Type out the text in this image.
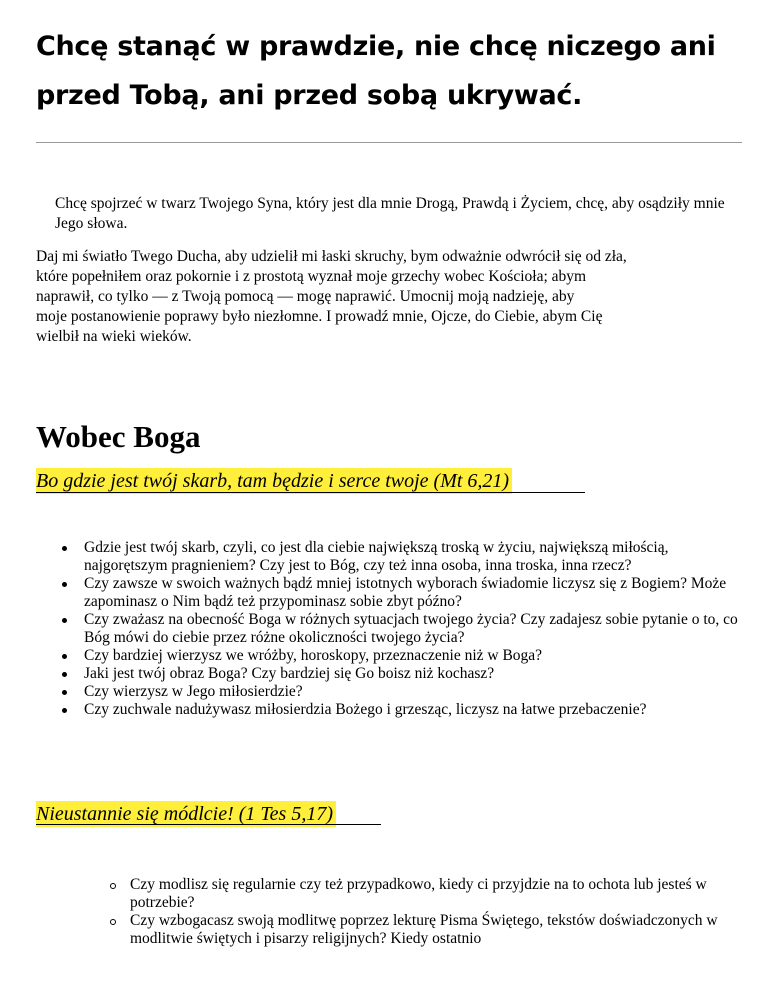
Chcę stanąć w prawdzie, nie chcę niczego ani
przed Tobą, ani przed sobą ukrywać.

Chcę spojrzeć w twarz Twojego Syna, który jest dla mnie Drogą, Prawdą i Życiem, chcę, aby osądziły mnie Jego słowa.

Daj mi światło Twego Ducha, aby udzielił mi łaski skruchy, bym odważnie odwrócił się od zła,
które popełniłem oraz pokornie i z prostotą wyznał moje grzechy wobec Kościoła; abym
naprawił, co tylko — z Twoją pomocą — mogę naprawić. Umocnij moją nadzieję, aby
moje postanowienie poprawy było niezłomne. I prowadź mnie, Ojcze, do Ciebie, abym Cię
wielbił na wieki wieków.

Wobec Boga

Bo gdzie jest twój skarb, tam będzie i serce twoje (Mt 6,21)

Gdzie jest twój skarb, czyli, co jest dla ciebie największą troską w życiu, największą miłością, najgorętszym pragnieniem? Czy jest to Bóg, czy też inna osoba, inna troska, inna rzecz?
Czy zawsze w swoich ważnych bądź mniej istotnych wyborach świadomie liczysz się z Bogiem? Może zapominasz o Nim bądź też przypominasz sobie zbyt późno?
Czy zważasz na obecność Boga w różnych sytuacjach twojego życia? Czy zadajesz sobie pytanie o to, co Bóg mówi do ciebie przez różne okoliczności twojego życia?
Czy bardziej wierzysz we wróżby, horoskopy, przeznaczenie niż w Boga?
Jaki jest twój obraz Boga? Czy bardziej się Go boisz niż kochasz?
Czy wierzysz w Jego miłosierdzie?
Czy zuchwale nadużywasz miłosierdzia Bożego i grzesząc, liczysz na łatwe przebaczenie?

Nieustannie się módlcie! (1 Tes 5,17)

Czy modlisz się regularnie czy też przypadkowo, kiedy ci przyjdzie na to ochota lub jesteś w potrzebie?
Czy wzbogacasz swoją modlitwę poprzez lekturę Pisma Świętego, tekstów doświadczonych w modlitwie świętych i pisarzy religijnych? Kiedy ostatnio
